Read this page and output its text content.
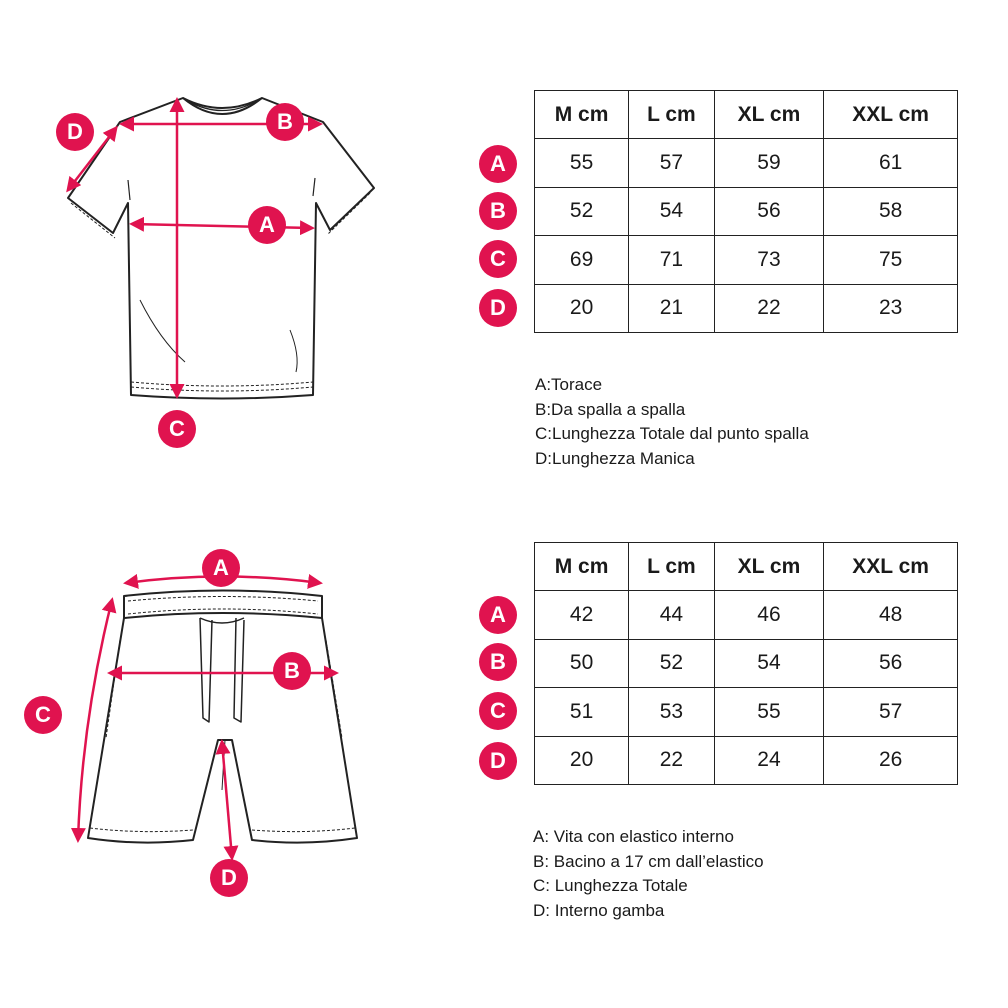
D	B
A
C
A
B
C
D
A
B
C
D
M cm	L cm	XL cm	XXL cm
55	57	59	61
52	54	56	58
69	71	73	75
20	21	22	23
A:Torace
B:Da spalla a spalla
C:Lunghezza Totale dal punto spalla
D:Lunghezza Manica
A
B
C
D
M cm	L cm	XL cm	XXL cm
42	44	46	48
50	52	54	56
51	53	55	57
20	22	24	26
A: Vita con elastico interno
B: Bacino a 17 cm dall’elastico
C: Lunghezza Totale
D: Interno gamba
